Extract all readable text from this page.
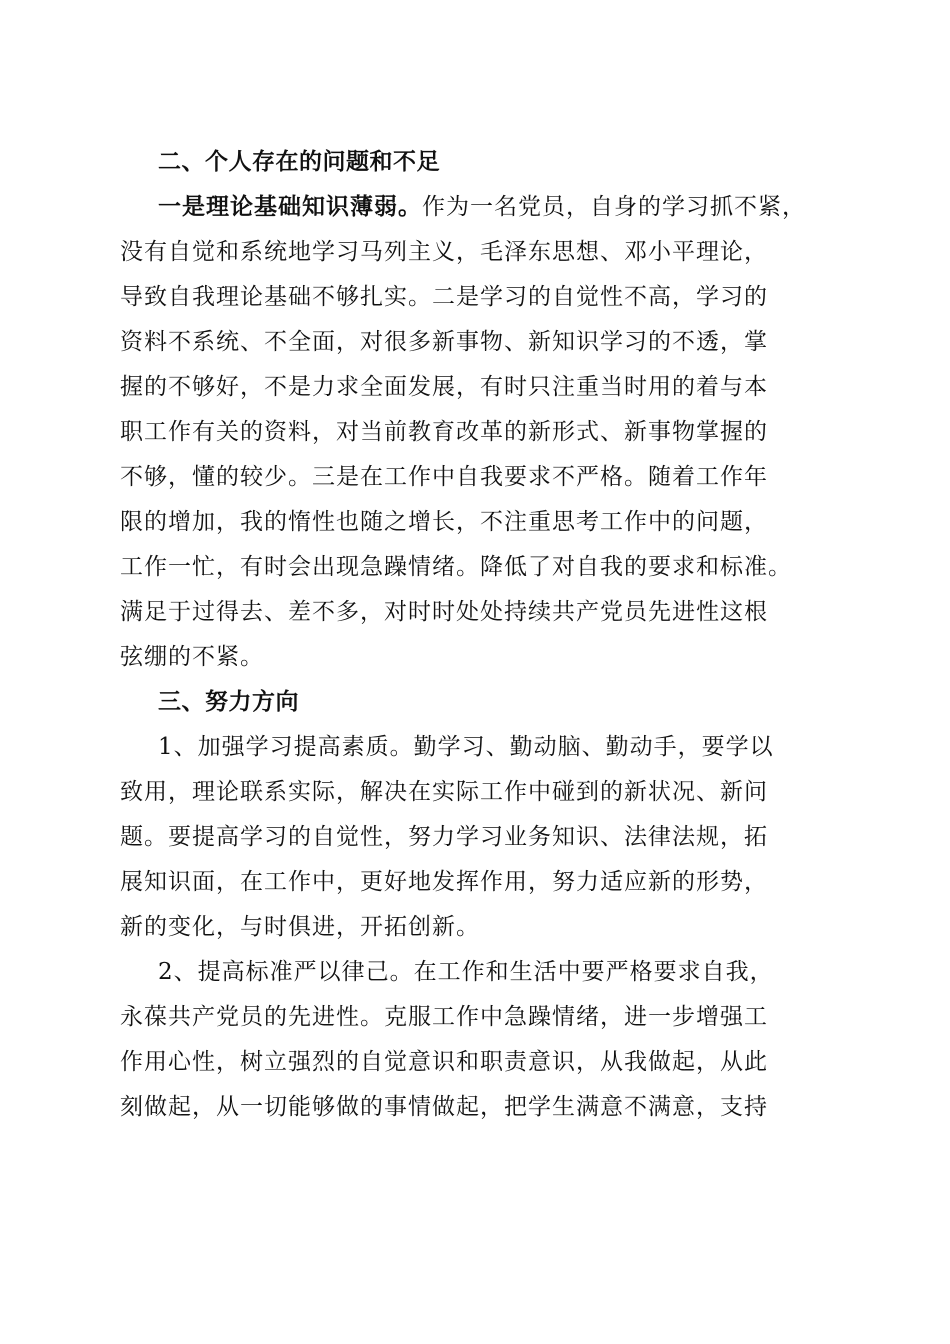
二、个人存在的问题和不足
一是理论基础知识薄弱。作为一名党员，自身的学习抓不紧，
没有自觉和系统地学习马列主义，毛泽东思想、邓小平理论，
导致自我理论基础不够扎实。二是学习的自觉性不高，学习的
资料不系统、不全面，对很多新事物、新知识学习的不透，掌
握的不够好，不是力求全面发展，有时只注重当时用的着与本
职工作有关的资料，对当前教育改革的新形式、新事物掌握的
不够，懂的较少。三是在工作中自我要求不严格。随着工作年
限的增加，我的惰性也随之增长，不注重思考工作中的问题，
工作一忙，有时会出现急躁情绪。降低了对自我的要求和标准。
满足于过得去、差不多，对时时处处持续共产党员先进性这根
弦绷的不紧。
三、努力方向
1、加强学习提高素质。勤学习、勤动脑、勤动手，要学以
致用，理论联系实际，解决在实际工作中碰到的新状况、新问
题。要提高学习的自觉性，努力学习业务知识、法律法规，拓
展知识面，在工作中，更好地发挥作用，努力适应新的形势，
新的变化，与时俱进，开拓创新。
2、提高标准严以律己。在工作和生活中要严格要求自我，
永葆共产党员的先进性。克服工作中急躁情绪，进一步增强工
作用心性，树立强烈的自觉意识和职责意识，从我做起，从此
刻做起，从一切能够做的事情做起，把学生满意不满意，支持
